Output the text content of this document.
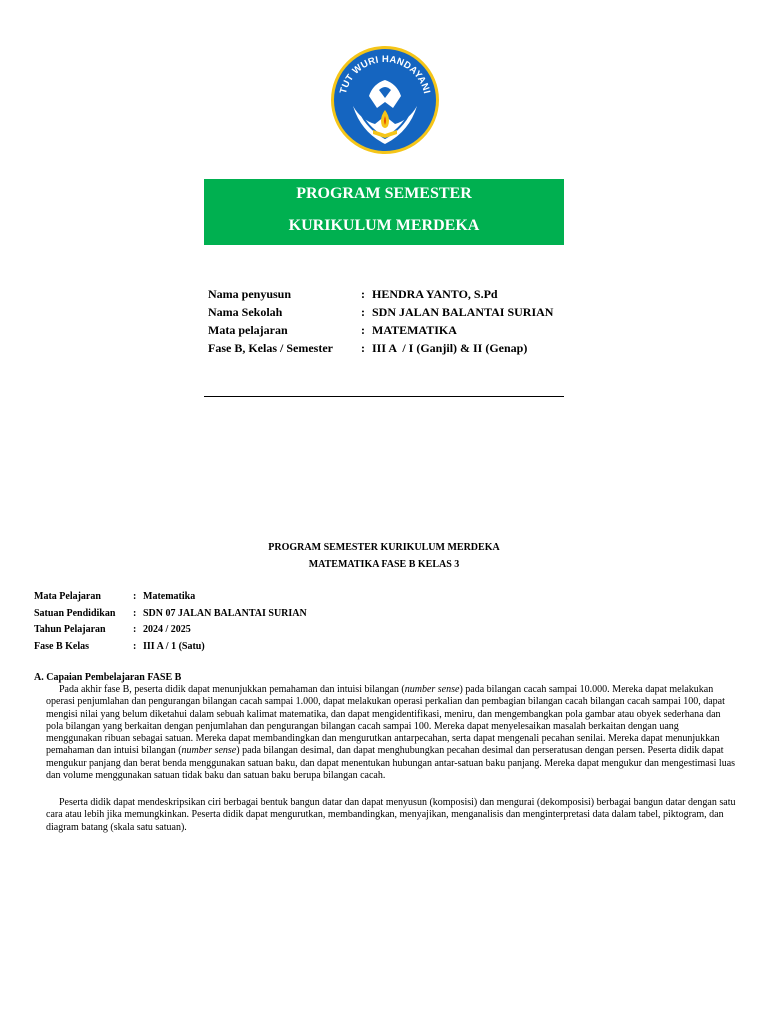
TUT WURI HANDAYANI
PROGRAM SEMESTER
KURIKULUM MERDEKA
Nama penyusun	: HENDRA YANTO, S.Pd
Nama Sekolah	: SDN JALAN BALANTAI SURIAN
Mata pelajaran	: MATEMATIKA
Fase B, Kelas / Semester : III A  / I (Ganjil) & II (Genap)
PROGRAM SEMESTER KURIKULUM MERDEKA
MATEMATIKA FASE B KELAS 3
Mata Pelajaran	: Matematika
Satuan Pendidikan : SDN 07 JALAN BALANTAI SURIAN
Tahun Pelajaran	: 2024 / 2025
Fase B Kelas	: III A / 1 (Satu)
A. Capaian Pembelajaran FASE B

Pada akhir fase B, peserta didik dapat menunjukkan pemahaman dan intuisi bilangan (number sense) pada bilangan cacah sampai 10.000. Mereka dapat melakukan operasi penjumlahan dan pengurangan bilangan cacah sampai 1.000, dapat melakukan operasi perkalian dan pembagian bilangan cacah bilangan cacah sampai 100, dapat mengisi nilai yang belum diketahui dalam sebuah kalimat matematika, dan dapat mengidentifikasi, meniru, dan mengembangkan pola gambar atau obyek sederhana dan pola bilangan yang berkaitan dengan penjumlahan dan pengurangan bilangan cacah sampai 100. Mereka dapat menyelesaikan masalah berkaitan dengan uang menggunakan ribuan sebagai satuan. Mereka dapat membandingkan dan mengurutkan antarpecahan, serta dapat mengenali pecahan senilai. Mereka dapat menunjukkan pemahaman dan intuisi bilangan (number sense) pada bilangan desimal, dan dapat menghubungkan pecahan desimal dan perseratusan dengan persen. Peserta didik dapat mengukur panjang dan berat benda menggunakan satuan baku, dan dapat menentukan hubungan antar-satuan baku panjang. Mereka dapat mengukur dan mengestimasi luas dan volume menggunakan satuan tidak baku dan satuan baku berupa bilangan cacah.

Peserta didik dapat mendeskripsikan ciri berbagai bentuk bangun datar dan dapat menyusun (komposisi) dan mengurai (dekomposisi) berbagai bangun datar dengan satu cara atau lebih jika memungkinkan. Peserta didik dapat mengurutkan, membandingkan, menyajikan, menganalisis dan menginterpretasi data dalam tabel, piktogram, dan diagram batang (skala satu satuan).
